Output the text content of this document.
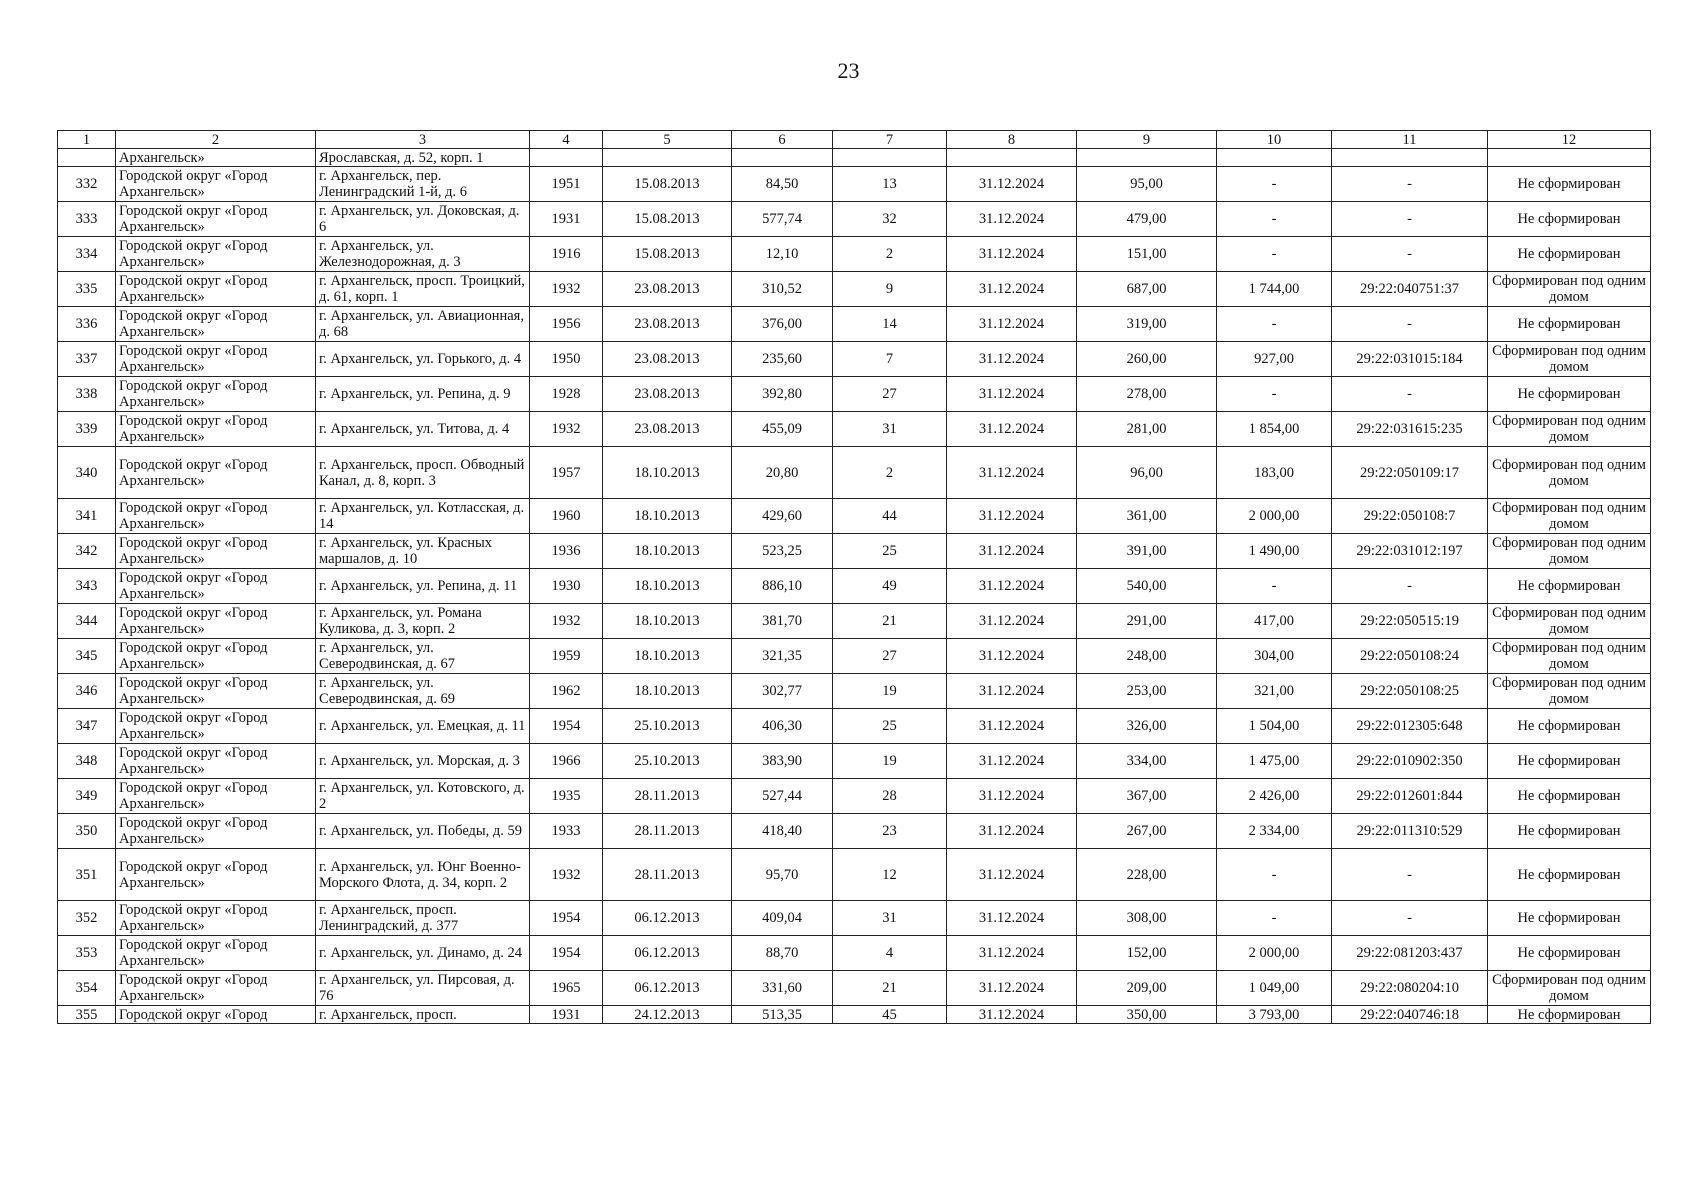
23
1	2	3	4	5	6	7	8	9	10	11	12
	Архангельск»	Ярославская, д. 52, корп. 1									
332	Городской округ «Город Архангельск»	г. Архангельск, пер. Ленинградский 1-й, д. 6	1951	15.08.2013	84,50	13	31.12.2024	95,00	-	-	Не сформирован
333	Городской округ «Город Архангельск»	г. Архангельск, ул. Доковская, д. 6	1931	15.08.2013	577,74	32	31.12.2024	479,00	-	-	Не сформирован
334	Городской округ «Город Архангельск»	г. Архангельск, ул. Железнодорожная, д. 3	1916	15.08.2013	12,10	2	31.12.2024	151,00	-	-	Не сформирован
335	Городской округ «Город Архангельск»	г. Архангельск, просп. Троицкий, д. 61, корп. 1	1932	23.08.2013	310,52	9	31.12.2024	687,00	1 744,00	29:22:040751:37	Сформирован под одним домом
336	Городской округ «Город Архангельск»	г. Архангельск, ул. Авиационная, д. 68	1956	23.08.2013	376,00	14	31.12.2024	319,00	-	-	Не сформирован
337	Городской округ «Город Архангельск»	г. Архангельск, ул. Горького, д. 4	1950	23.08.2013	235,60	7	31.12.2024	260,00	927,00	29:22:031015:184	Сформирован под одним домом
338	Городской округ «Город Архангельск»	г. Архангельск, ул. Репина, д. 9	1928	23.08.2013	392,80	27	31.12.2024	278,00	-	-	Не сформирован
339	Городской округ «Город Архангельск»	г. Архангельск, ул. Титова, д. 4	1932	23.08.2013	455,09	31	31.12.2024	281,00	1 854,00	29:22:031615:235	Сформирован под одним домом
340	Городской округ «Город Архангельск»	г. Архангельск, просп. Обводный Канал, д. 8, корп. 3	1957	18.10.2013	20,80	2	31.12.2024	96,00	183,00	29:22:050109:17	Сформирован под одним домом
341	Городской округ «Город Архангельск»	г. Архангельск, ул. Котласская, д. 14	1960	18.10.2013	429,60	44	31.12.2024	361,00	2 000,00	29:22:050108:7	Сформирован под одним домом
342	Городской округ «Город Архангельск»	г. Архангельск, ул. Красных маршалов, д. 10	1936	18.10.2013	523,25	25	31.12.2024	391,00	1 490,00	29:22:031012:197	Сформирован под одним домом
343	Городской округ «Город Архангельск»	г. Архангельск, ул. Репина, д. 11	1930	18.10.2013	886,10	49	31.12.2024	540,00	-	-	Не сформирован
344	Городской округ «Город Архангельск»	г. Архангельск, ул. Романа Куликова, д. 3, корп. 2	1932	18.10.2013	381,70	21	31.12.2024	291,00	417,00	29:22:050515:19	Сформирован под одним домом
345	Городской округ «Город Архангельск»	г. Архангельск, ул. Северодвинская, д. 67	1959	18.10.2013	321,35	27	31.12.2024	248,00	304,00	29:22:050108:24	Сформирован под одним домом
346	Городской округ «Город Архангельск»	г. Архангельск, ул. Северодвинская, д. 69	1962	18.10.2013	302,77	19	31.12.2024	253,00	321,00	29:22:050108:25	Сформирован под одним домом
347	Городской округ «Город Архангельск»	г. Архангельск, ул. Емецкая, д. 11	1954	25.10.2013	406,30	25	31.12.2024	326,00	1 504,00	29:22:012305:648	Не сформирован
348	Городской округ «Город Архангельск»	г. Архангельск, ул. Морская, д. 3	1966	25.10.2013	383,90	19	31.12.2024	334,00	1 475,00	29:22:010902:350	Не сформирован
349	Городской округ «Город Архангельск»	г. Архангельск, ул. Котовского, д. 2	1935	28.11.2013	527,44	28	31.12.2024	367,00	2 426,00	29:22:012601:844	Не сформирован
350	Городской округ «Город Архангельск»	г. Архангельск, ул. Победы, д. 59	1933	28.11.2013	418,40	23	31.12.2024	267,00	2 334,00	29:22:011310:529	Не сформирован
351	Городской округ «Город Архангельск»	г. Архангельск, ул. Юнг Военно-Морского Флота, д. 34, корп. 2	1932	28.11.2013	95,70	12	31.12.2024	228,00	-	-	Не сформирован
352	Городской округ «Город Архангельск»	г. Архангельск, просп. Ленинградский, д. 377	1954	06.12.2013	409,04	31	31.12.2024	308,00	-	-	Не сформирован
353	Городской округ «Город Архангельск»	г. Архангельск, ул. Динамо, д. 24	1954	06.12.2013	88,70	4	31.12.2024	152,00	2 000,00	29:22:081203:437	Не сформирован
354	Городской округ «Город Архангельск»	г. Архангельск, ул. Пирсовая, д. 76	1965	06.12.2013	331,60	21	31.12.2024	209,00	1 049,00	29:22:080204:10	Сформирован под одним домом
355	Городской округ «Город	г. Архангельск, просп.	1931	24.12.2013	513,35	45	31.12.2024	350,00	3 793,00	29:22:040746:18	Не сформирован
